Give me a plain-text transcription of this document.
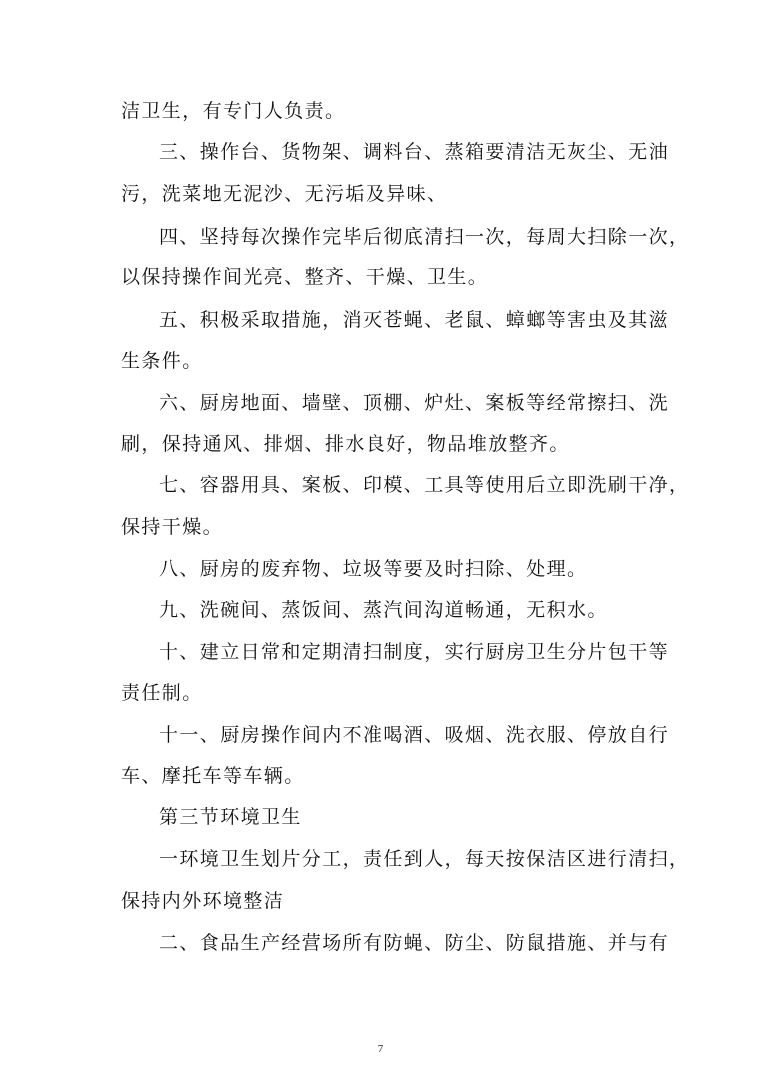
洁卫生，有专门人负责。
三、操作台、货物架、调料台、蒸箱要清洁无灰尘、无油
污，洗菜地无泥沙、无污垢及异味、
四、坚持每次操作完毕后彻底清扫一次，每周大扫除一次，
以保持操作间光亮、整齐、干燥、卫生。
五、积极采取措施，消灭苍蝇、老鼠、蟑螂等害虫及其滋
生条件。
六、厨房地面、墙壁、顶棚、炉灶、案板等经常擦扫、洗
刷，保持通风、排烟、排水良好，物品堆放整齐。
七、容器用具、案板、印模、工具等使用后立即洗刷干净，
保持干燥。
八、厨房的废弃物、垃圾等要及时扫除、处理。
九、洗碗间、蒸饭间、蒸汽间沟道畅通，无积水。
十、建立日常和定期清扫制度，实行厨房卫生分片包干等
责任制。
十一、厨房操作间内不准喝酒、吸烟、洗衣服、停放自行
车、摩托车等车辆。
第三节环境卫生
一环境卫生划片分工，责任到人，每天按保洁区进行清扫，
保持内外环境整洁
二、食品生产经营场所有防蝇、防尘、防鼠措施、并与有
7
